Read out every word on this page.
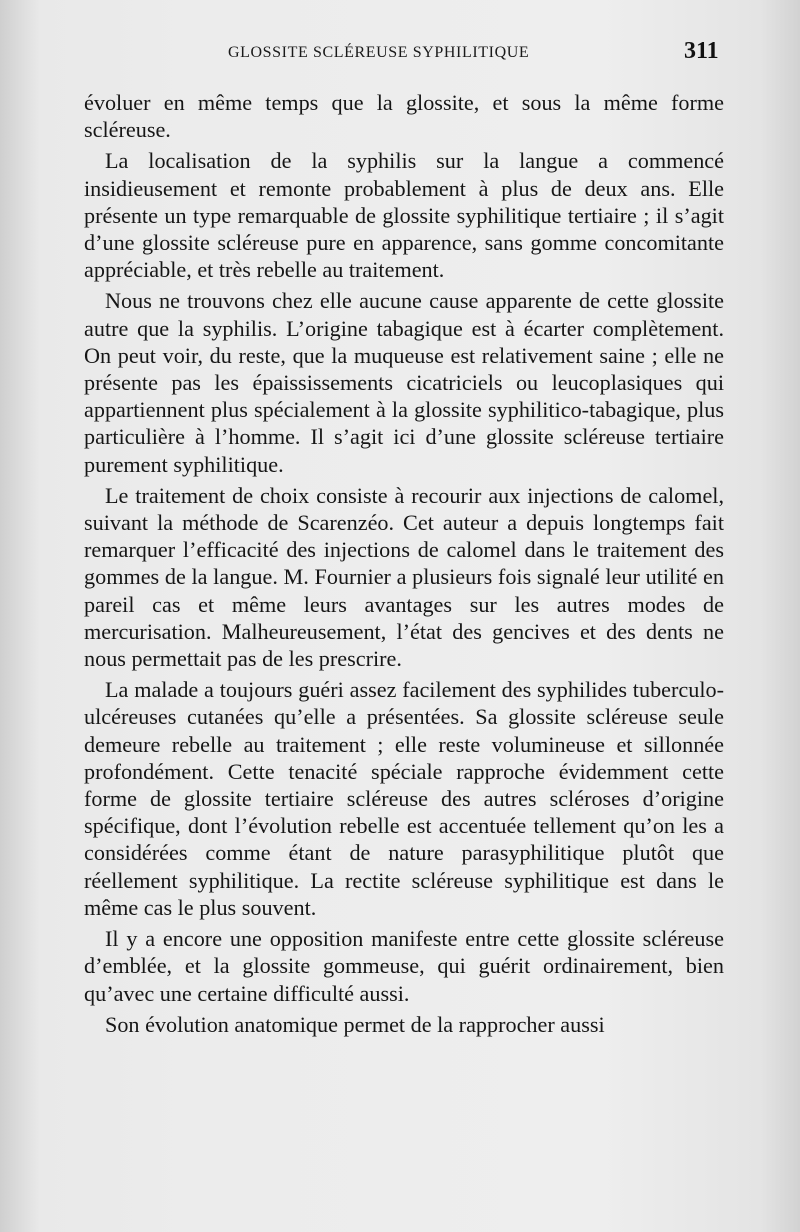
GLOSSITE SCLÉREUSE SYPHILITIQUE	311

évoluer en même temps que la glossite, et sous la même forme scléreuse.

La localisation de la syphilis sur la langue a commencé insidieusement et remonte probablement à plus de deux ans. Elle présente un type remarquable de glossite syphilitique tertiaire ; il s’agit d’une glossite scléreuse pure en apparence, sans gomme concomitante appréciable, et très rebelle au traitement.

Nous ne trouvons chez elle aucune cause apparente de cette glossite autre que la syphilis. L’origine tabagique est à écarter complètement. On peut voir, du reste, que la muqueuse est relativement saine ; elle ne présente pas les épaississements cicatriciels ou leucoplasiques qui appartiennent plus spécialement à la glossite syphilitico-tabagique, plus particulière à l’homme. Il s’agit ici d’une glossite scléreuse tertiaire purement syphilitique.

Le traitement de choix consiste à recourir aux injections de calomel, suivant la méthode de Scarenzéo. Cet auteur a depuis longtemps fait remarquer l’efficacité des injections de calomel dans le traitement des gommes de la langue. M. Fournier a plusieurs fois signalé leur utilité en pareil cas et même leurs avantages sur les autres modes de mercurisation. Malheureusement, l’état des gencives et des dents ne nous permettait pas de les prescrire.

La malade a toujours guéri assez facilement des syphilides tuberculo-ulcéreuses cutanées qu’elle a présentées. Sa glossite scléreuse seule demeure rebelle au traitement ; elle reste volumineuse et sillonnée profondément. Cette tenacité spéciale rapproche évidemment cette forme de glossite tertiaire scléreuse des autres scléroses d’origine spécifique, dont l’évolution rebelle est accentuée tellement qu’on les a considérées comme étant de nature parasyphilitique plutôt que réellement syphilitique. La rectite scléreuse syphilitique est dans le même cas le plus souvent.

Il y a encore une opposition manifeste entre cette glossite scléreuse d’emblée, et la glossite gommeuse, qui guérit ordinairement, bien qu’avec une certaine difficulté aussi.

Son évolution anatomique permet de la rapprocher aussi
